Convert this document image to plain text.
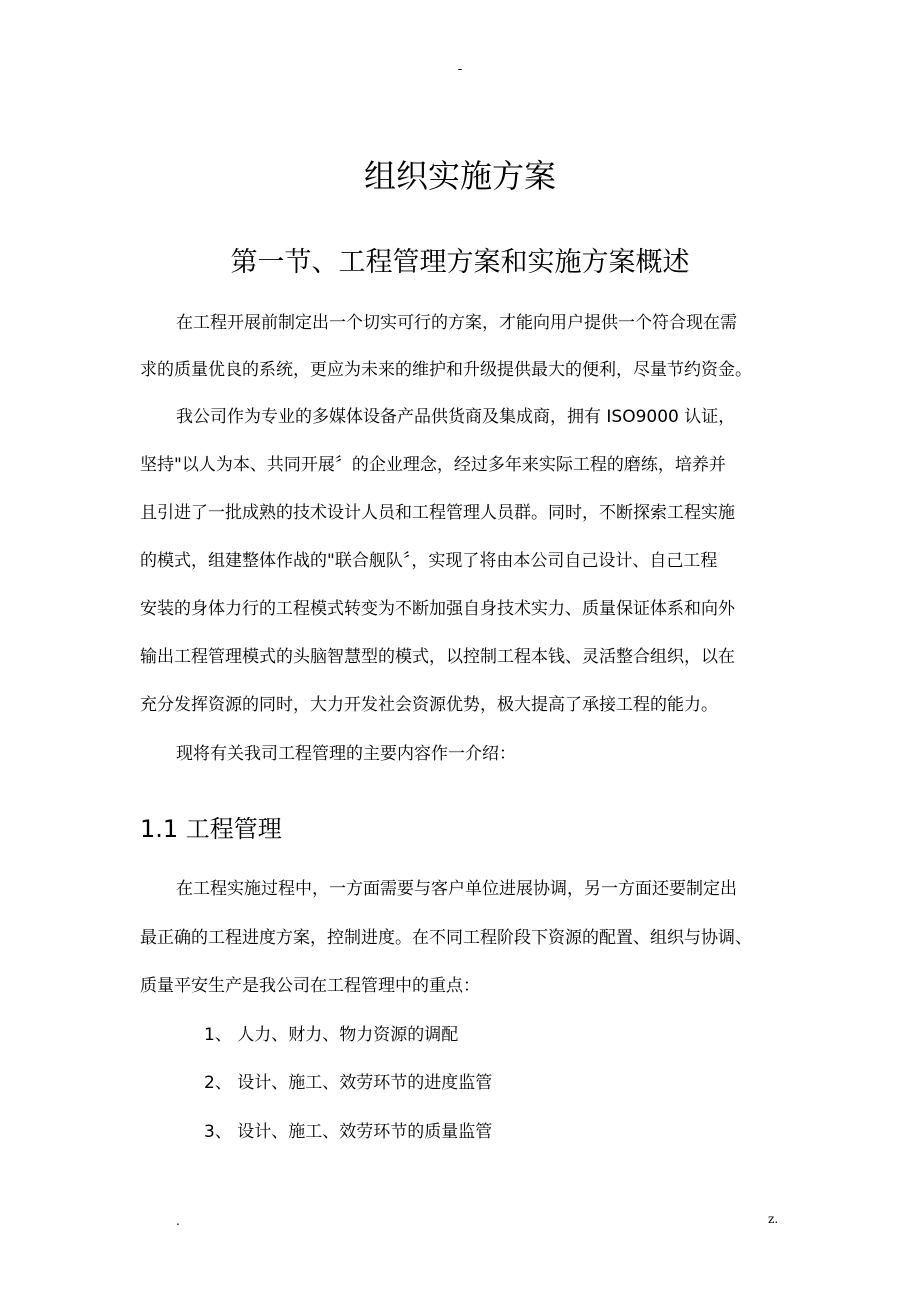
-
组织实施方案
第一节、工程管理方案和实施方案概述
在工程开展前制定出一个切实可行的方案，才能向用户提供一个符合现在需
求的质量优良的系统，更应为未来的维护和升级提供最大的便利，尽量节约资金。
我公司作为专业的多媒体设备产品供货商及集成商，拥有 ISO9000 认证，
坚持"以人为本、共同开展〞的企业理念，经过多年来实际工程的磨练，培养并
且引进了一批成熟的技术设计人员和工程管理人员群。同时，不断探索工程实施
的模式，组建整体作战的"联合舰队〞，实现了将由本公司自己设计、自己工程
安装的身体力行的工程模式转变为不断加强自身技术实力、质量保证体系和向外
输出工程管理模式的头脑智慧型的模式，以控制工程本钱、灵活整合组织，以在
充分发挥资源的同时，大力开发社会资源优势，极大提高了承接工程的能力。
现将有关我司工程管理的主要内容作一介绍：
1.1 工程管理
在工程实施过程中，一方面需要与客户单位进展协调，另一方面还要制定出
最正确的工程进度方案，控制进度。在不同工程阶段下资源的配置、组织与协调、
质量平安生产是我公司在工程管理中的重点：
1、 人力、财力、物力资源的调配
2、 设计、施工、效劳环节的进度监管
3、 设计、施工、效劳环节的质量监管
.	z.
